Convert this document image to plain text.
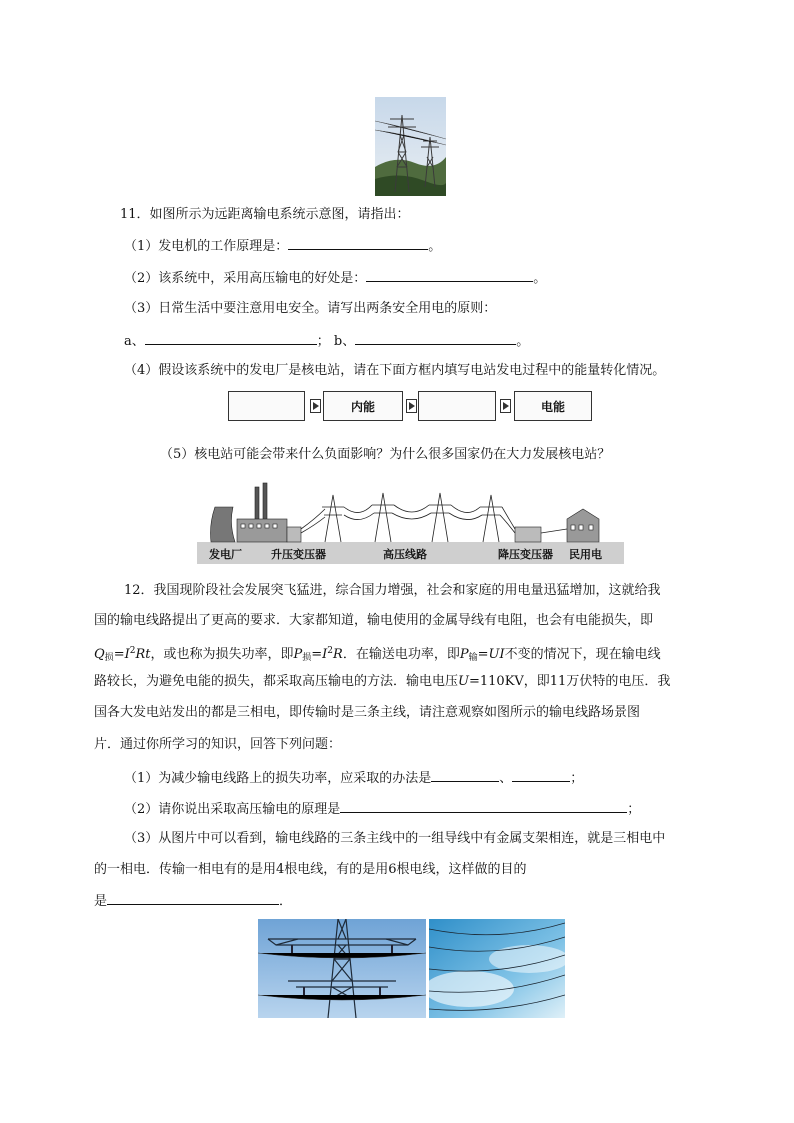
11．如图所示为远距离输电系统示意图，请指出：
（1）发电机的工作原理是：	。
（2）该系统中，采用高压输电的好处是：	。
（3）日常生活中要注意用电安全。请写出两条安全用电的原则：
a、	； b、	。
（4）假设该系统中的发电厂是核电站，请在下面方框内填写电站发电过程中的能量转化情况。
内能	电能
（5）核电站可能会带来什么负面影响？为什么很多国家仍在大力发展核电站？
发电厂	升压变压器	高压线路	降压变压器 民用电
12．我国现阶段社会发展突飞猛进，综合国力增强，社会和家庭的用电量迅猛增加，这就给我
国的输电线路提出了更高的要求．大家都知道，输电使用的金属导线有电阻，也会有电能损失，即
$Q_损=I^2Rt$，或也称为损失功率，即$P_损=I^2R$．在输送电功率，即$P_输=UI$不变的情况下，现在输电线
路较长，为避免电能的损失，都采取高压输电的方法．输电电压U=110KV，即11万伏特的电压．我
国各大发电站发出的都是三相电，即传输时是三条主线，请注意观察如图所示的输电线路场景图
片．通过你所学习的知识，回答下列问题：
（1）为减少输电线路上的损失功率，应采取的办法是	、	；
（2）请你说出采取高压输电的原理是	；
（3）从图片中可以看到，输电线路的三条主线中的一组导线中有金属支架相连，就是三相电中
的一相电．传输一相电有的是用4根电线，有的是用6根电线，这样做的目的
是	．
